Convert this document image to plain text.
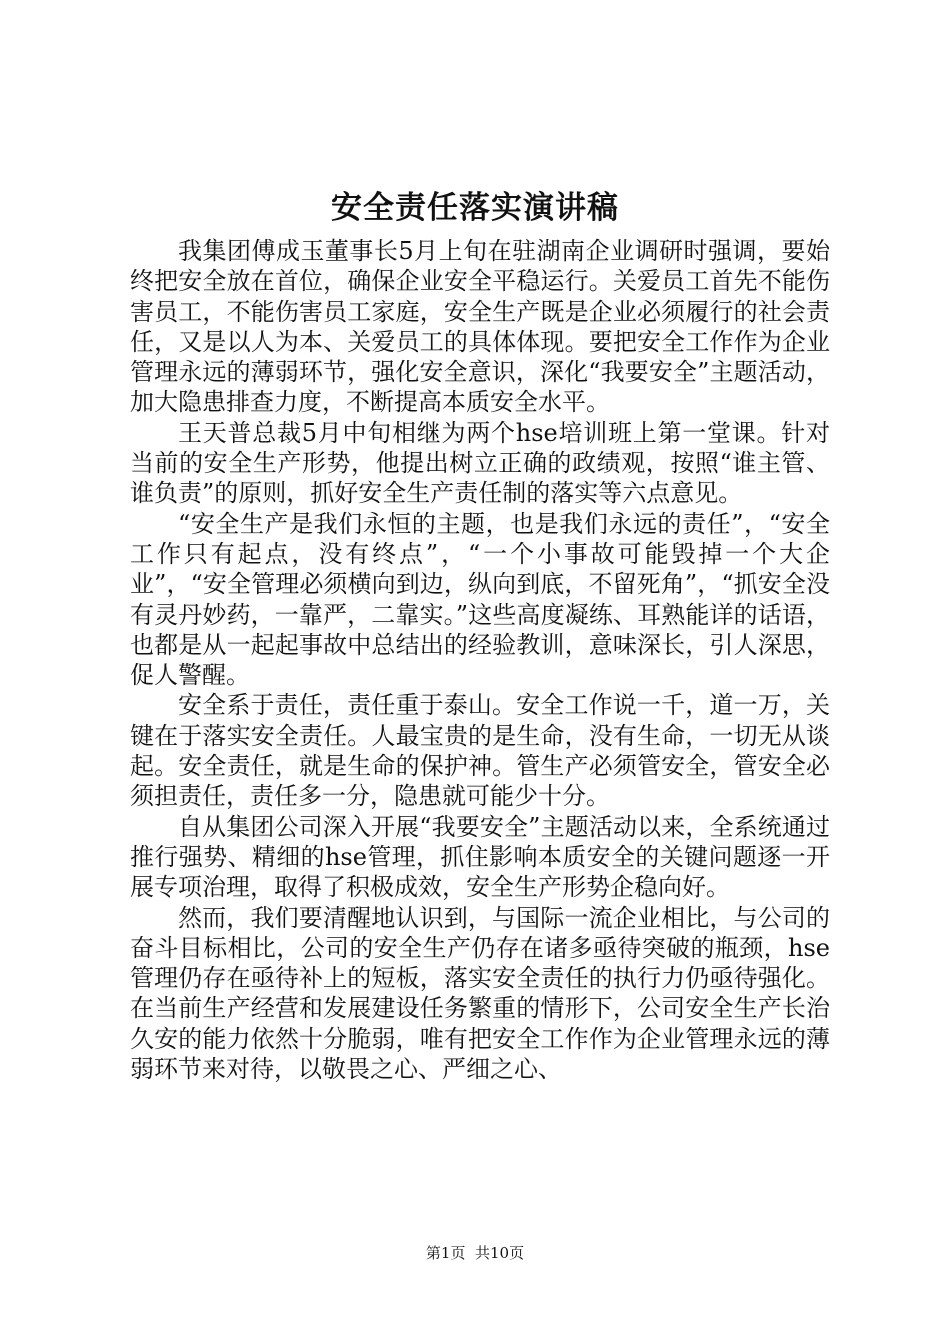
安全责任落实演讲稿

我集团傅成玉董事长5月上旬在驻湖南企业调研时强调，要始终把安全放在首位，确保企业安全平稳运行。关爱员工首先不能伤害员工，不能伤害员工家庭，安全生产既是企业必须履行的社会责任，又是以人为本、关爱员工的具体体现。要把安全工作作为企业管理永远的薄弱环节，强化安全意识，深化“我要安全”主题活动，加大隐患排查力度，不断提高本质安全水平。

王天普总裁5月中旬相继为两个hse培训班上第一堂课。针对当前的安全生产形势，他提出树立正确的政绩观，按照“谁主管、谁负责”的原则，抓好安全生产责任制的落实等六点意见。

“安全生产是我们永恒的主题，也是我们永远的责任”，“安全工作只有起点，没有终点”，“一个小事故可能毁掉一个大企业”，“安全管理必须横向到边，纵向到底，不留死角”，“抓安全没有灵丹妙药，一靠严，二靠实。”这些高度凝练、耳熟能详的话语，也都是从一起起事故中总结出的经验教训，意味深长，引人深思，促人警醒。

安全系于责任，责任重于泰山。安全工作说一千，道一万，关键在于落实安全责任。人最宝贵的是生命，没有生命，一切无从谈起。安全责任，就是生命的保护神。管生产必须管安全，管安全必须担责任，责任多一分，隐患就可能少十分。

自从集团公司深入开展“我要安全”主题活动以来，全系统通过推行强势、精细的hse管理，抓住影响本质安全的关键问题逐一开展专项治理，取得了积极成效，安全生产形势企稳向好。

然而，我们要清醒地认识到，与国际一流企业相比，与公司的奋斗目标相比，公司的安全生产仍存在诸多亟待突破的瓶颈，hse管理仍存在亟待补上的短板，落实安全责任的执行力仍亟待强化。在当前生产经营和发展建设任务繁重的情形下，公司安全生产长治久安的能力依然十分脆弱，唯有把安全工作作为企业管理永远的薄弱环节来对待，以敬畏之心、严细之心、

第1页  共10页
